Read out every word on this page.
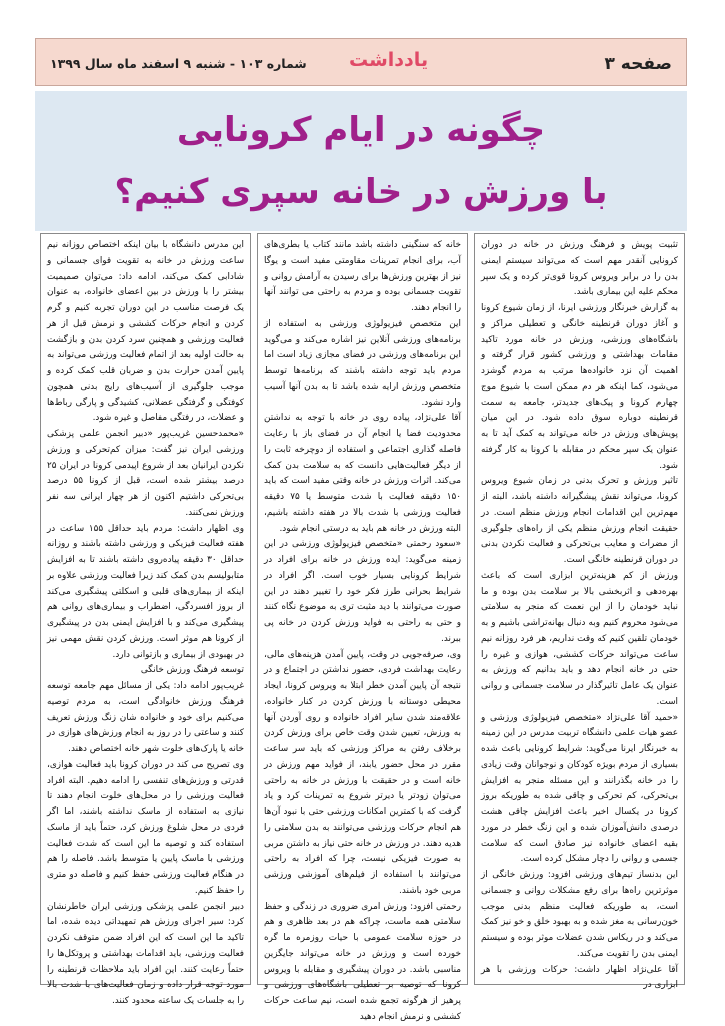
شماره ۱۰۳ - شنبه ۹ اسفند ماه سال ۱۳۹۹ یادداشت	صفحه ۳
چگونه در ایام کرونایی
با ورزش در خانه سپری کنیم؟

تثبیت پویش و فرهنگ ورزش در خانه در دوران کرونایی آنقدر مهم است که می‌تواند سیستم ایمنی بدن را در برابر ویروس کرونا قوی‌تر کرده و یک سپر محکم علیه این بیماری باشد.

به گزارش خبرنگار ورزشی ایرنا، از زمان شیوع کرونا و آغاز دوران قرنطینه خانگی و تعطیلی مراکز و باشگاه‌های ورزشی، ورزش در خانه مورد تاکید مقامات بهداشتی و ورزشی کشور قرار گرفته و اهمیت آن نزد خانواده‌ها مرتب به مردم گوشزد می‌شود، کما اینکه هر دم ممکن است با شیوع موج چهارم کرونا و پیک‌های جدیدتر، جامعه به سمت قرنطینه دوباره سوق داده شود. در این میان پویش‌های ورزش در خانه می‌تواند به کمک آید تا به عنوان یک سپر محکم در مقابله با کرونا به کار گرفته شود.

تاثیر ورزش و تحرک بدنی در زمان شیوع ویروس کرونا، می‌تواند نقش پیشگیرانه داشته باشد، البته از مهم‌ترین این اقدامات انجام ورزش منظم است. در حقیقت انجام ورزش منظم یکی از راه‌های جلوگیری از مضرات و معایب بی‌تحرکی و فعالیت نکردن بدنی در دوران قرنطینه خانگی است.

ورزش از کم هزینه‌ترین ابزاری است که باعث بهره‌دهی و اثربخشی بالا بر سلامت بدن بوده و ما نباید خودمان را از این نعمت که منجر به سلامتی می‌شود محروم کنیم وبه دنبال بهانه‌تراشی باشیم و به خودمان تلقین کنیم که وقت نداریم، هر فرد روزانه نیم ساعت می‌تواند حرکات کششی، هوازی و غیره را حتی در خانه انجام دهد و باید بدانیم که ورزش به عنوان یک عامل تاثیرگذار در سلامت جسمانی و روانی است.

«حمید آقا علی‌نژاد «متخصص فیزیولوژی ورزشی و عضو هیات علمی دانشگاه تربیت مدرس در این زمینه به خبرنگار ایرنا می‌گوید: شرایط کرونایی باعث شده بسیاری از مردم بویژه کودکان و نوجوانان وقت زیادی را در خانه بگذرانند و این مسئله منجر به افزایش بی‌تحرکی، کم تحرکی و چاقی شده به طوریکه بروز کرونا در یکسال اخیر باعث افزایش چاقی هشت درصدی دانش‌آموزان شده و این زنگ خطر در مورد بقیه اعضای خانواده نیز صادق است که سلامت جسمی و روانی را دچار مشکل کرده است.

این بدنساز تیم‌های ورزشی افزود: ورزش خانگی از موثرترین راه‌ها برای رفع مشکلات روانی و جسمانی است، به طوریکه فعالیت منظم بدنی موجب خون‌رسانی به مغز شده و به بهبود خلق و خو نیز کمک می‌کند و در ریکاس شدن عضلات موثر بوده و سیستم ایمنی بدن را تقویت می‌کند.

آقا علی‌نژاد اظهار داشت: حرکات ورزشی با هر ابزاری در

خانه که سنگینی داشته باشد مانند کتاب یا بطری‌های آب، برای انجام تمرینات مقاومتی مفید است و یوگا نیز از بهترین ورزش‌ها برای رسیدن به آرامش روانی و تقویت جسمانی بوده و مردم به راحتی می توانند آنها را انجام دهند.

این متخصص فیزیولوژی ورزشی به استفاده از برنامه‌های ورزشی آنلاین نیز اشاره می‌کند و می‌گوید این برنامه‌های ورزشی در فضای مجازی زیاد است اما مردم باید توجه داشته باشند که برنامه‌ها توسط متخصص ورزش ارایه شده باشد تا به بدن آنها آسیب وارد نشود.

آقا علی‌نژاد، پیاده روی در خانه با توجه به نداشتن محدودیت فضا یا انجام آن در فضای باز با رعایت فاصله گذاری اجتماعی و استفاده از دوچرخه ثابت را از دیگر فعالیت‌هایی دانست که به سلامت بدن کمک می‌کند. اثرات ورزش در خانه وقتی مفید است که باید ۱۵۰ دقیقه فعالیت با شدت متوسط یا ۷۵ دقیقه فعالیت ورزشی با شدت بالا در هفته داشته باشیم، البته ورزش در خانه هم باید به درستی انجام شود.

«سعود رحمتی «متخصص فیزیولوژی ورزشی در این زمینه می‌گوید: ایده ورزش در خانه برای افراد در شرایط کرونایی بسیار خوب است. اگر افراد در شرایط بحرانی طرز فکر خود را تغییر دهند در این صورت می‌توانند با دید مثبت تری به موضوع نگاه کنند و حتی به راحتی به فواید ورزش کردن در خانه پی ببرند.

وی، صرفه‌جویی در وقت، پایین آمدن هزینه‌های مالی، رعایت بهداشت فردی، حضور نداشتن در اجتماع و در نتیجه آن پایین آمدن خطر ابتلا به ویروس کرونا، ایجاد محیطی دوستانه با ورزش کردن در کنار خانواده، علاقه‌مند شدن سایر افراد خانواده و روی آوردن آنها به ورزش، تعیین شدن وقت خاص برای ورزش کردن برخلاف رفتن به مراکز ورزشی که باید سر ساعت مقرر در محل حضور یابند، از فواید مهم ورزش در خانه است و در حقیقت با ورزش در خانه به راحتی می‌توان زودتر یا دیرتر شروع به تمرینات کرد و یاد گرفت که با کمترین امکانات ورزشی حتی با نبود آن‌ها هم انجام حرکات ورزشی می‌توانند به بدن سلامتی را هدیه دهند. در ورزش در خانه حتی نیاز به داشتن مربی به صورت فیزیکی نیست، چرا که افراد به راحتی می‌توانند با استفاده از فیلم‌های آموزشی ورزشی مربی خود باشند.

رحمتی افزود: ورزش امری ضروری در زندگی و حفظ سلامتی همه ماست، چراکه هم در بعد ظاهری و هم در حوزه سلامت عمومی با حیات روزمره ما گره خورده است و ورزش در خانه می‌تواند جایگزین مناسبی باشد. در دوران پیشگیری و مقابله با ویروس کرونا که توصیه بر تعطیلی باشگاه‌های ورزشی و پرهیز از هرگونه تجمع شده است، نیم ساعت حرکات کششی و نرمش انجام دهید

این مدرس دانشگاه با بیان اینکه اختصاص روزانه نیم ساعت ورزش در خانه به تقویت قوای جسمانی و شادابی کمک می‌کند، ادامه داد: می‌توان صمیمیت بیشتر را با ورزش در بین اعضای خانواده، به عنوان یک فرصت مناسب در این دوران تجربه کنیم و گرم کردن و انجام حرکات کششی و نرمش قبل از هر فعالیت ورزشی و همچنین سرد کردن بدن و بازگشت به حالت اولیه بعد از اتمام فعالیت ورزشی می‌تواند به پایین آمدن حرارت بدن و ضربان قلب کمک کرده و موجب جلوگیری از آسیب‌های رایج بدنی همچون کوفتگی و گرفتگی عضلانی، کشیدگی و پارگی رباط‌ها و عضلات، در رفتگی مفاصل و غیره شود.

«محمدحسین غریب‌پور «دبیر انجمن علمی پزشکی ورزشی ایران نیز گفت: میزان کم‌تحرکی و ورزش نکردن ایرانیان بعد از شروع اپیدمی کرونا در ایران ۲۵ درصد بیشتر شده است، قبل از کرونا ۵۵ درصد بی‌تحرکی داشتیم اکنون از هر چهار ایرانی سه نفر ورزش نمی‌کنند.

وی اظهار داشت: مردم باید حداقل ۱۵۵ ساعت در هفته فعالیت فیزیکی و ورزشی داشته باشند و روزانه حداقل ۳۰ دقیقه پیاده‌روی داشته باشند تا به افزایش متابولیسم بدن کمک کند زیرا فعالیت ورزشی علاوه بر اینکه از بیماری‌های قلبی و اسکلتی پیشگیری می‌کند از بروز افسردگی، اضطراب و بیماری‌های روانی هم پیشگیری می‌کند و با افزایش ایمنی بدن در پیشگیری از کرونا هم موثر است. ورزش کردن نقش مهمی نیز در بهبودی از بیماری و بازتوانی دارد.

توسعه فرهنگ ورزش خانگی

غریب‌پور ادامه داد: یکی از مسائل مهم جامعه توسعه فرهنگ ورزش خانوادگی است، به مردم توصیه می‌کنیم برای خود و خانواده شان زنگ ورزش تعریف کنند و ساعتی را در روز به انجام ورزش‌های هوازی در خانه یا پارک‌های خلوت شهر خانه اختصاص دهند.

وی تصریح می کند در دوران کرونا باید فعالیت هوازی، قدرتی و ورزش‌های تنفسی را ادامه دهیم. البته افراد فعالیت ورزشی را در محل‌های خلوت انجام دهند تا نیازی به استفاده از ماسک نداشته باشند، اما اگر فردی در محل شلوغ ورزش کرد، حتماً باید از ماسک استفاده کند و توصیه ما این است که شدت فعالیت ورزشی با ماسک پایین یا متوسط باشد. فاصله را هم در هنگام فعالیت ورزشی حفظ کنیم و فاصله دو متری را حفظ کنیم.

دبیر انجمن علمی پزشکی ورزشی ایران خاطرنشان کرد: سیر اجرای ورزش هم تمهیداتی دیده شده، اما تاکید ما این است که این افراد ضمن متوقف نکردن فعالیت ورزشی، باید اقدامات بهداشتی و پروتکل‌ها را حتماً رعایت کنند. این افراد باید ملاحظات قرنطینه را مورد توجه قرار داده و زمان فعالیت‌های با شدت بالا را به جلسات یک ساعته محدود کنند.
